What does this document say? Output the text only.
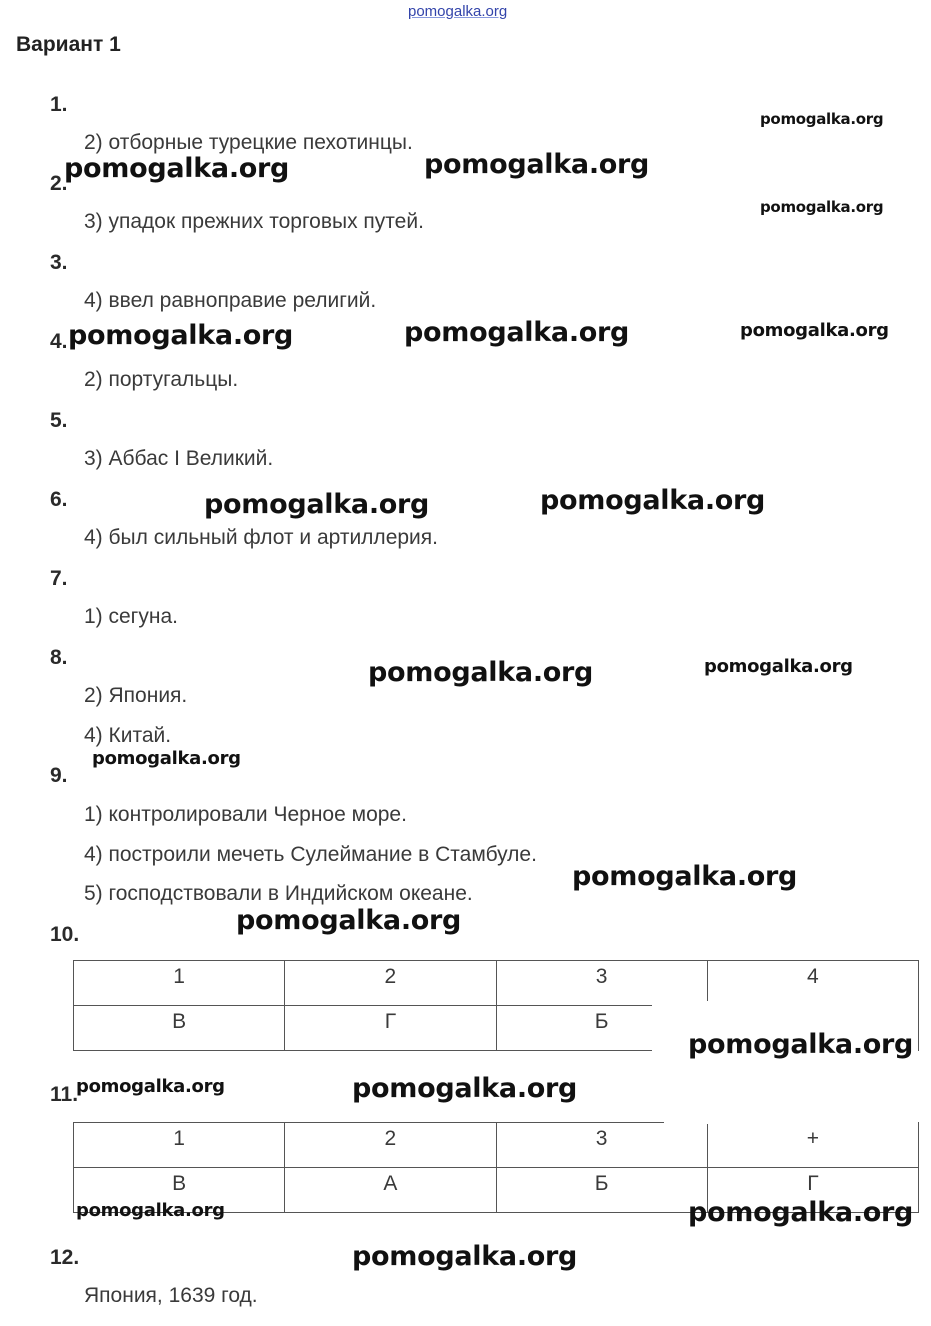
pomogalka.org
Вариант 1
1.
2.
3.
4.
5.
6.
7.
8.
9.
10.
11.
12.
2) отборные турецкие пехотинцы.
3) упадок прежних торговых путей.
4) ввел равноправие религий.
2) португальцы.
3) Аббас I Великий.
4) был сильный флот и артиллерия.
1) сегуна.
2) Япония.
4) Китай.
1) контролировали Черное море.
4) построили мечеть Сулеймание в Стамбуле.
5) господствовали в Индийском океане.
Япония, 1639 год.
1	2	3	4
В	Г	Б	
1	2	3	+
В	А	Б	Г
pomogalka.org
pomogalka.org	pomogalka.org
pomogalka.org
pomogalka.org	pomogalka.org	pomogalka.org
pomogalka.org	pomogalka.org
pomogalka.org	pomogalka.org
pomogalka.org
pomogalka.org
pomogalka.org
pomogalka.org
pomogalka.org	pomogalka.org
pomogalka.org	pomogalka.org
pomogalka.org
